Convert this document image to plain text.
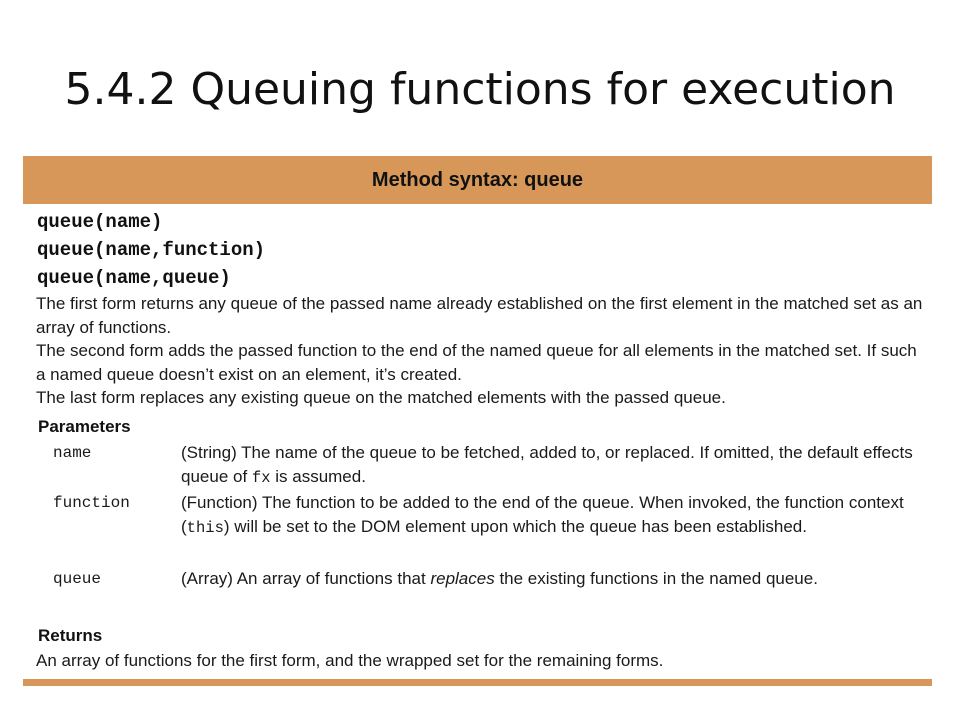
5.4.2 Queuing functions for execution
Method syntax: queue
queue(name)
queue(name,function)
queue(name,queue)
The first form returns any queue of the passed name already established on the first element in the matched set as an array of functions.
The second form adds the passed function to the end of the named queue for all elements in the matched set. If such a named queue doesn’t exist on an element, it’s created.
The last form replaces any existing queue on the matched elements with the passed queue.
Parameters
name	(String) The name of the queue to be fetched, added to, or replaced. If omitted, the default effects queue of fx is assumed.
function	(Function) The function to be added to the end of the queue. When invoked, the function context (this) will be set to the DOM element upon which the queue has been established.
queue	(Array) An array of functions that replaces the existing functions in the named queue.
Returns
An array of functions for the first form, and the wrapped set for the remaining forms.
